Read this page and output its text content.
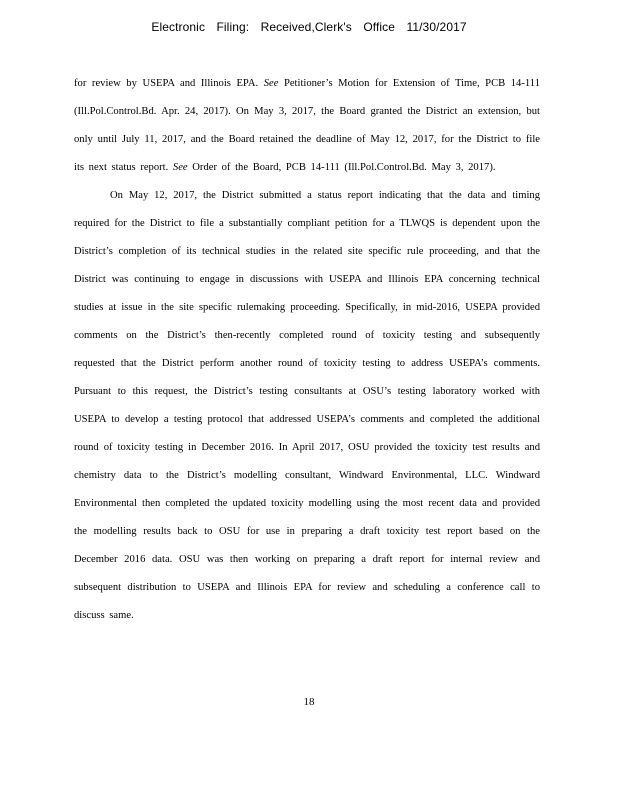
Electronic Filing: Received,Clerk's Office 11/30/2017

for review by USEPA and Illinois EPA. See Petitioner’s Motion for Extension of Time, PCB 14-111 (Ill.Pol.Control.Bd. Apr. 24, 2017). On May 3, 2017, the Board granted the District an extension, but only until July 11, 2017, and the Board retained the deadline of May 12, 2017, for the District to file its next status report. See Order of the Board, PCB 14-111 (Ill.Pol.Control.Bd. May 3, 2017).

On May 12, 2017, the District submitted a status report indicating that the data and timing required for the District to file a substantially compliant petition for a TLWQS is dependent upon the District’s completion of its technical studies in the related site specific rule proceeding, and that the District was continuing to engage in discussions with USEPA and Illinois EPA concerning technical studies at issue in the site specific rulemaking proceeding. Specifically, in mid-2016, USEPA provided comments on the District’s then-recently completed round of toxicity testing and subsequently requested that the District perform another round of toxicity testing to address USEPA’s comments. Pursuant to this request, the District’s testing consultants at OSU’s testing laboratory worked with USEPA to develop a testing protocol that addressed USEPA’s comments and completed the additional round of toxicity testing in December 2016. In April 2017, OSU provided the toxicity test results and chemistry data to the District’s modelling consultant, Windward Environmental, LLC. Windward Environmental then completed the updated toxicity modelling using the most recent data and provided the modelling results back to OSU for use in preparing a draft toxicity test report based on the December 2016 data. OSU was then working on preparing a draft report for internal review and subsequent distribution to USEPA and Illinois EPA for review and scheduling a conference call to discuss same.

18
